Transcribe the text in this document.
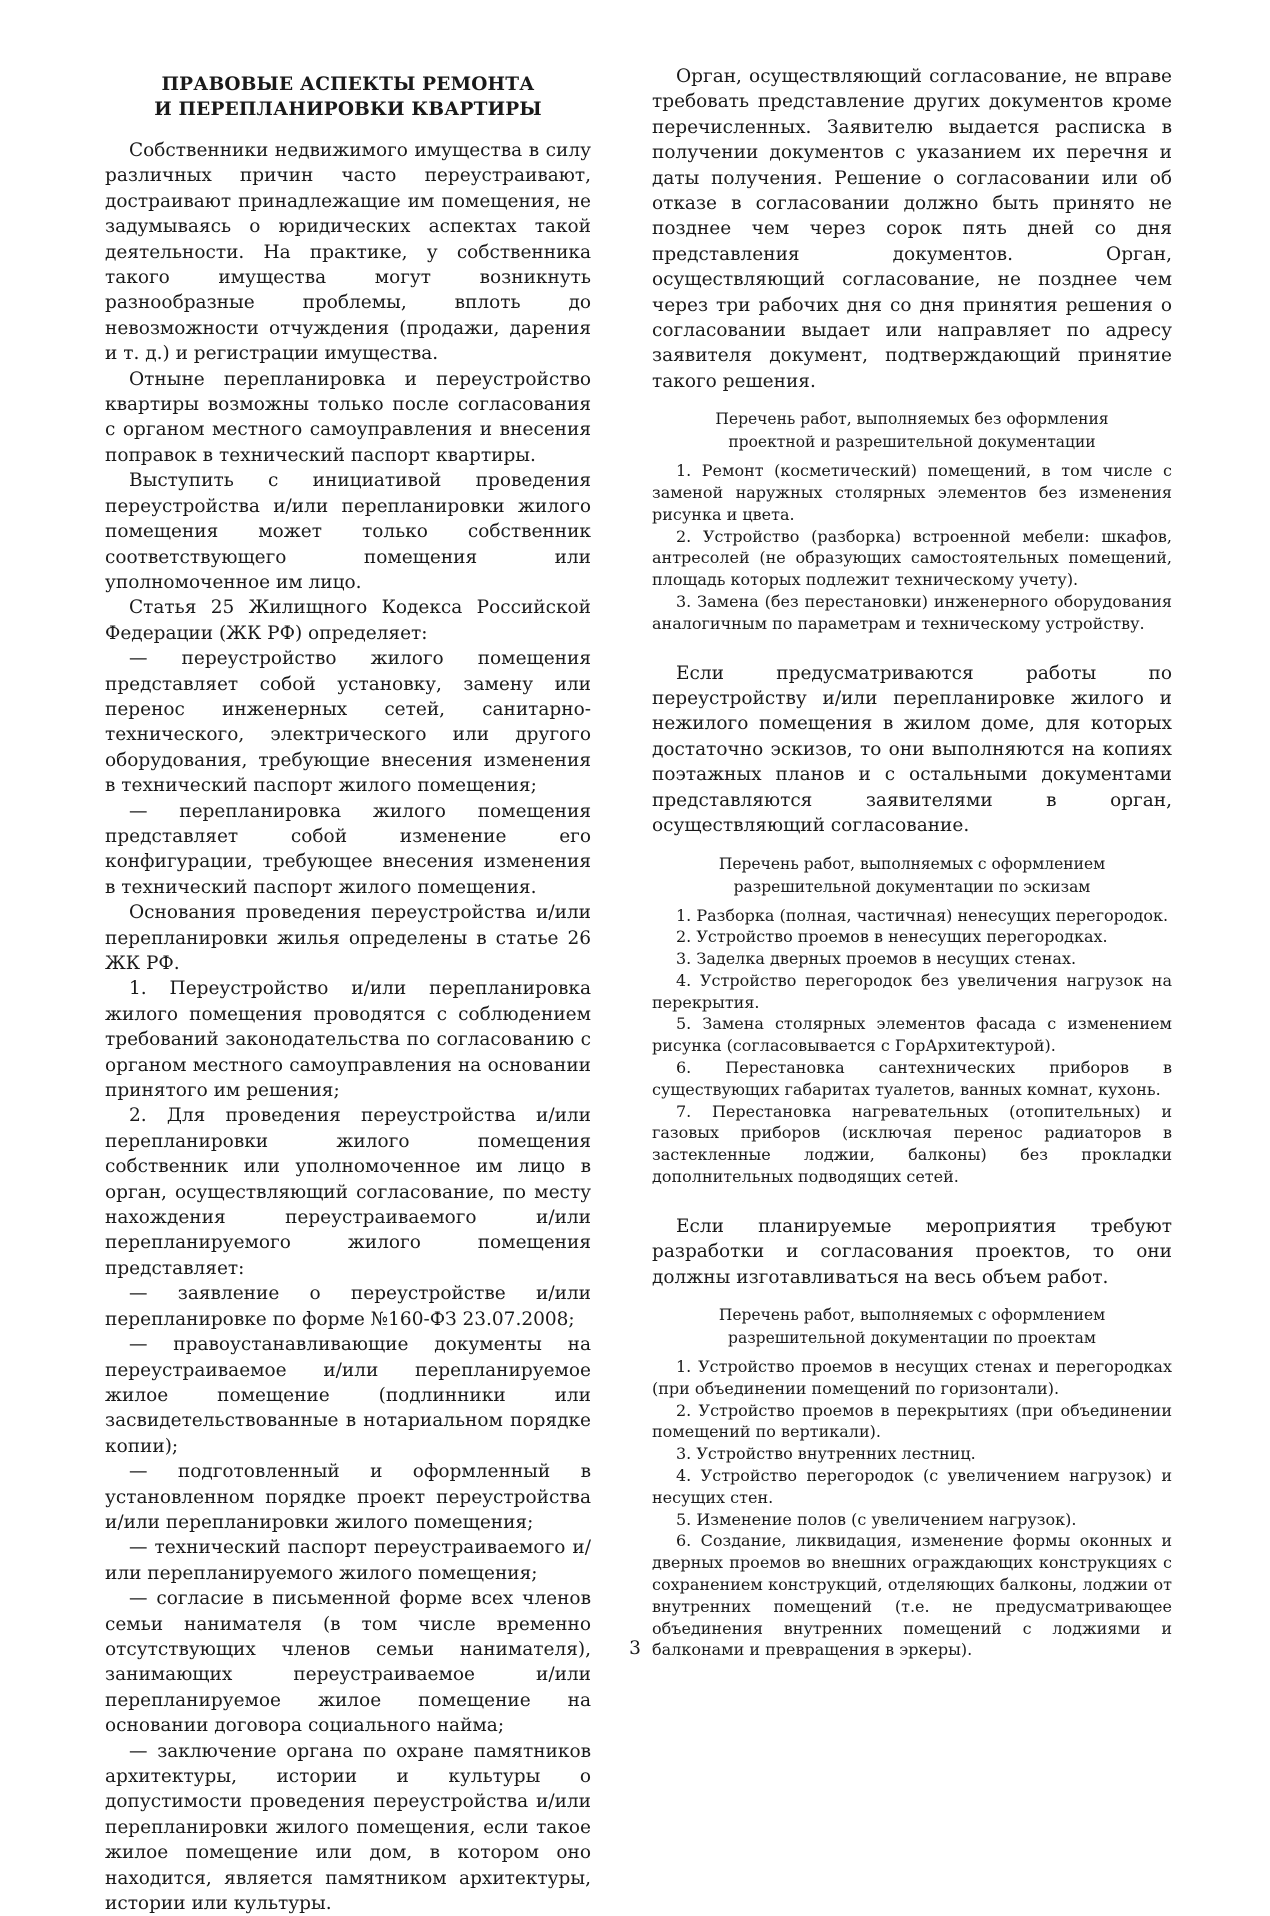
ПРАВОВЫЕ АСПЕКТЫ РЕМОНТА
И ПЕРЕПЛАНИРОВКИ КВАРТИРЫ

Собственники недвижимого имущества в силу различных причин часто переустраивают, достраивают принадлежащие им помещения, не задумываясь о юридических аспектах такой деятельности. На практике, у собственника такого имущества могут возникнуть разнообразные проблемы, вплоть до невозможности отчуждения (продажи, дарения и т. д.) и регистрации имущества.

Отныне перепланировка и переустройство квартиры возможны только после согласования с органом местного самоуправления и внесения поправок в технический паспорт квартиры.

Выступить с инициативой проведения переустройства и/или перепланировки жилого помещения может только собственник соответствующего помещения или уполномоченное им лицо.

Статья 25 Жилищного Кодекса Российской Федерации (ЖК РФ) определяет:

— переустройство жилого помещения представляет собой установку, замену или перенос инженерных сетей, санитарно-технического, электрического или другого оборудования, требующие внесения изменения в технический паспорт жилого помещения;

— перепланировка жилого помещения представляет собой изменение его конфигурации, требующее внесения изменения в технический паспорт жилого помещения.

Основания проведения переустройства и/или перепланировки жилья определены в статье 26 ЖК РФ.

1. Переустройство и/или перепланировка жилого помещения проводятся с соблюдением требований законодательства по согласованию с органом местного самоуправления на основании принятого им решения;

2. Для проведения переустройства и/или перепланировки жилого помещения собственник или уполномоченное им лицо в орган, осуществляющий согласование, по месту нахождения переустраиваемого и/или перепланируемого жилого помещения представляет:

— заявление о переустройстве и/или перепланировке по форме №160-ФЗ 23.07.2008;

— правоустанавливающие документы на переустраиваемое и/или перепланируемое жилое помещение (подлинники или засвидетельствованные в нотариальном порядке копии);

— подготовленный и оформленный в установленном порядке проект переустройства и/или перепланировки жилого помещения;

— технический паспорт переустраиваемого и/или перепланируемого жилого помещения;

— согласие в письменной форме всех членов семьи нанимателя (в том числе временно отсутствующих членов семьи нанимателя), занимающих переустраиваемое и/или перепланируемое жилое помещение на основании договора социального найма;

— заключение органа по охране памятников архитектуры, истории и культуры о допустимости проведения переустройства и/или перепланировки жилого помещения, если такое жилое помещение или дом, в котором оно находится, является памятником архитектуры, истории или культуры.

Орган, осуществляющий согласование, не вправе требовать представление других документов кроме перечисленных. Заявителю выдается расписка в получении документов с указанием их перечня и даты получения. Решение о согласовании или об отказе в согласовании должно быть принято не позднее чем через сорок пять дней со дня представления документов. Орган, осуществляющий согласование, не позднее чем через три рабочих дня со дня принятия решения о согласовании выдает или направляет по адресу заявителя документ, подтверждающий принятие такого решения.

Перечень работ, выполняемых без оформления
проектной и разрешительной документации

1. Ремонт (косметический) помещений, в том числе с заменой наружных столярных элементов без изменения рисунка и цвета.

2. Устройство (разборка) встроенной мебели: шкафов, антресолей (не образующих самостоятельных помещений, площадь которых подлежит техническому учету).

3. Замена (без перестановки) инженерного оборудования аналогичным по параметрам и техническому устройству.

Если предусматриваются работы по переустройству и/или перепланировке жилого и нежилого помещения в жилом доме, для которых достаточно эскизов, то они выполняются на копиях поэтажных планов и с остальными документами представляются заявителями в орган, осуществляющий согласование.

Перечень работ, выполняемых с оформлением
разрешительной документации по эскизам

1. Разборка (полная, частичная) ненесущих перегородок.

2. Устройство проемов в ненесущих перегородках.

3. Заделка дверных проемов в несущих стенах.

4. Устройство перегородок без увеличения нагрузок на перекрытия.

5. Замена столярных элементов фасада с изменением рисунка (согласовывается с ГорАрхитектурой).

6. Перестановка сантехнических приборов в существующих габаритах туалетов, ванных комнат, кухонь.

7. Перестановка нагревательных (отопительных) и газовых приборов (исключая перенос радиаторов в застекленные лоджии, балконы) без прокладки дополнительных подводящих сетей.

Если планируемые мероприятия требуют разработки и согласования проектов, то они должны изготавливаться на весь объем работ.

Перечень работ, выполняемых с оформлением
разрешительной документации по проектам

1. Устройство проемов в несущих стенах и перегородках (при объединении помещений по горизонтали).

2. Устройство проемов в перекрытиях (при объединении помещений по вертикали).

3. Устройство внутренних лестниц.

4. Устройство перегородок (с увеличением нагрузок) и несущих стен.

5. Изменение полов (с увеличением нагрузок).

6. Создание, ликвидация, изменение формы оконных и дверных проемов во внешних ограждающих конструкциях с сохранением конструкций, отделяющих балконы, лоджии от внутренних помещений (т.е. не предусматривающее объединения внутренних помещений с лоджиями и балконами и превращения в эркеры).

3
